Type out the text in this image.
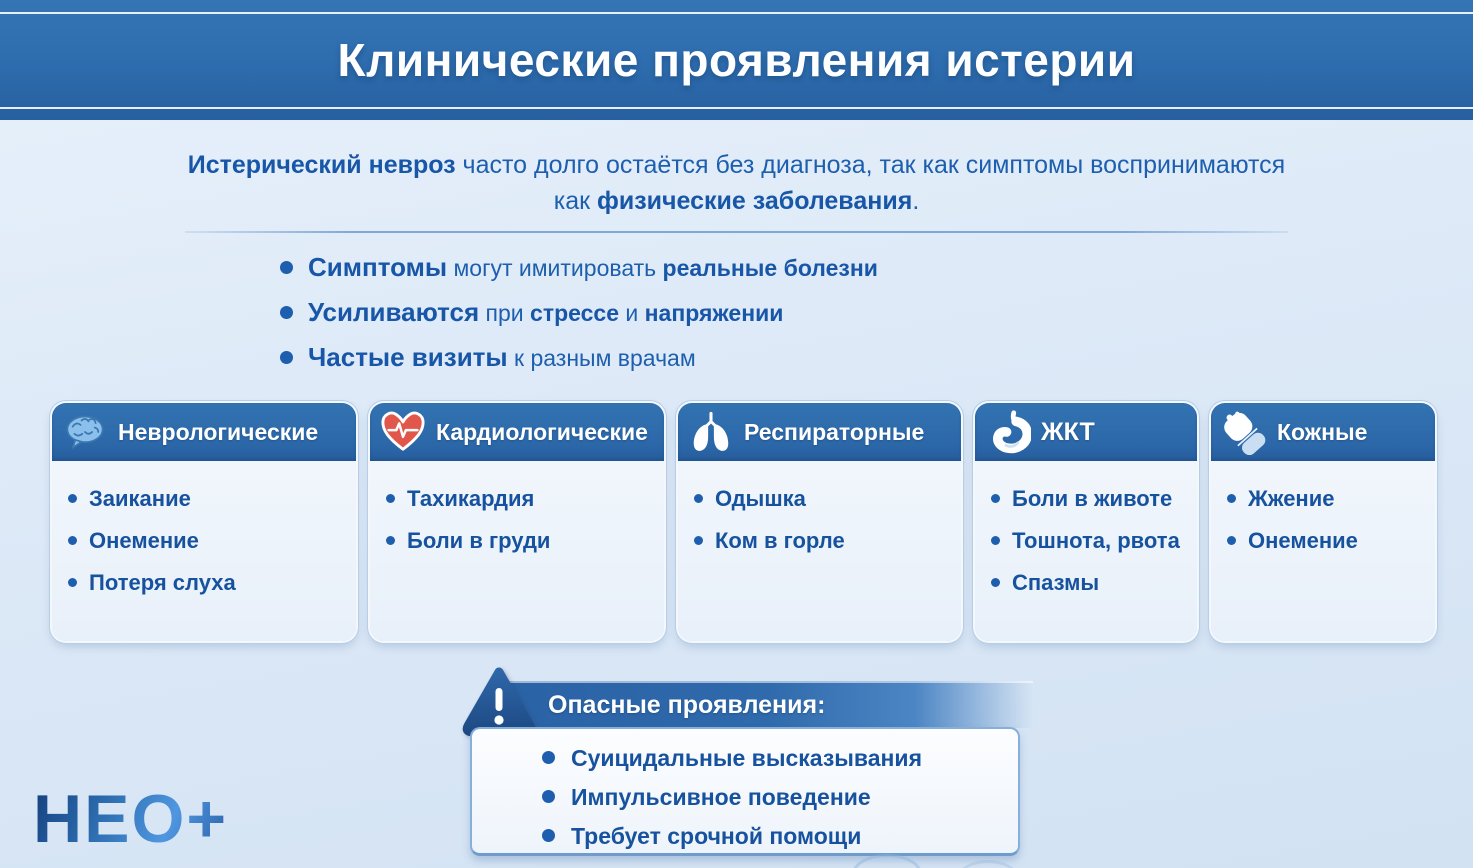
Клинические проявления истерии

Истерический невроз часто долго остаётся без диагноза, так как симптомы воспринимаются
как физические заболевания.

Симптомы могут имитировать реальные болезни
Усиливаются при стрессе и напряжении
Частые визиты к разным врачам
Неврологические
Заикание
Онемение
Потеря слуха
Кардиологические
Тахикардия
Боли в груди
Респираторные
Одышка
Ком в горле
ЖКТ
Боли в животе
Тошнота, рвота
Спазмы
Кожные
Жжение
Онемение
Опасные проявления:
Суицидальные высказывания
Импульсивное поведение
Требует срочной помощи
НЕО+
